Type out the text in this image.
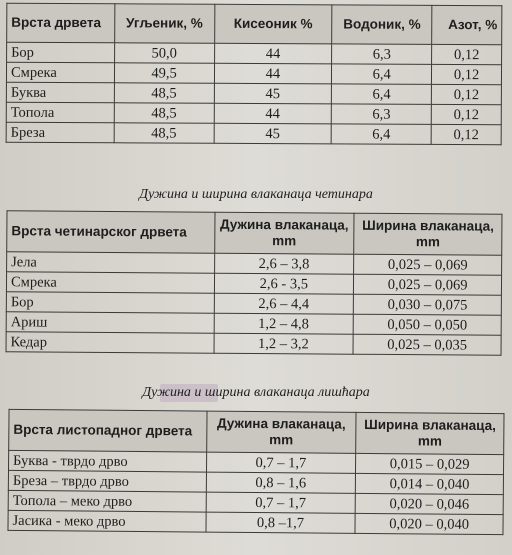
Врста дрвета	Угљеник, %	Кисеоник %	Водоник, %	Азот, %
Бор	50,0	44	6,3	0,12
Смрека	49,5	44	6,4	0,12
Буква	48,5	45	6,4	0,12
Топола	48,5	44	6,3	0,12
Бреза	48,5	45	6,4	0,12
Дужина и ширина влаканаца четинара
Врста четинарског дрвета	Дужина влаканаца, mm	Ширина влаканаца, mm
Јела	2,6 – 3,8	0,025 – 0,069
Смрека	2,6 - 3,5	0,025 – 0,069
Бор	2,6 – 4,4	0,030 – 0,075
Ариш	1,2 – 4,8	0,050 – 0,050
Кедар	1,2 – 3,2	0,025 – 0,035
Дужина и ширина влаканаца лишћара
Врста листопадног дрвета	Дужина влаканаца, mm	Ширина влаканаца, mm
Буква - тврдо дрво	0,7 – 1,7	0,015 – 0,029
Бреза – тврдо дрво	0,8 – 1,6	0,014 – 0,040
Топола – меко дрво	0,7 – 1,7	0,020 – 0,046
Јасика - меко дрво	0,8 –1,7	0,020 – 0,040
